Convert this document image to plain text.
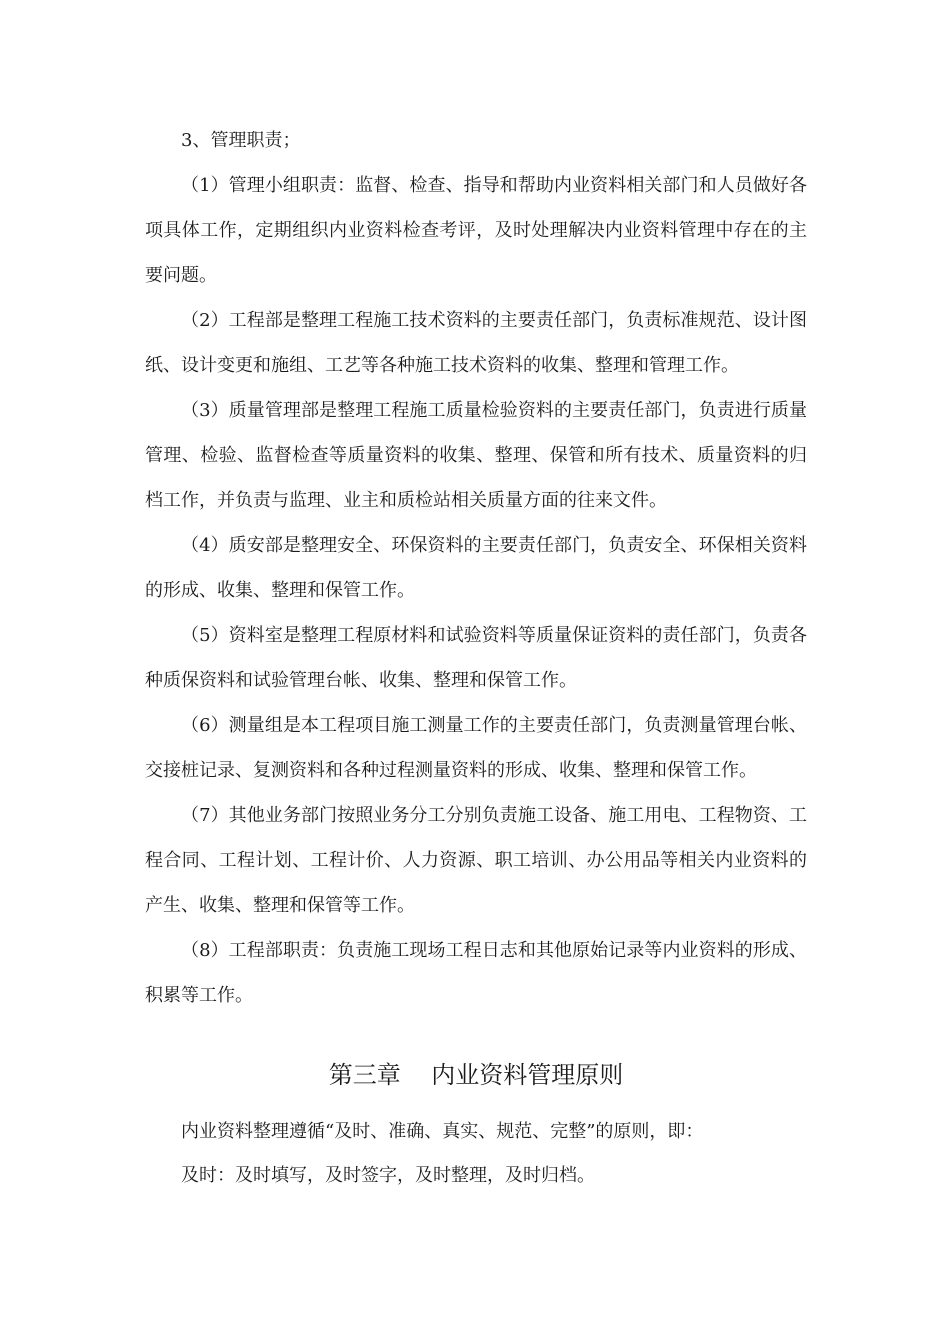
3、管理职责；

（1）管理小组职责：监督、检查、指导和帮助内业资料相关部门和人员做好各项具体工作，定期组织内业资料检查考评，及时处理解决内业资料管理中存在的主要问题。

（2）工程部是整理工程施工技术资料的主要责任部门，负责标准规范、设计图纸、设计变更和施组、工艺等各种施工技术资料的收集、整理和管理工作。

（3）质量管理部是整理工程施工质量检验资料的主要责任部门，负责进行质量管理、检验、监督检查等质量资料的收集、整理、保管和所有技术、质量资料的归档工作，并负责与监理、业主和质检站相关质量方面的往来文件。

（4）质安部是整理安全、环保资料的主要责任部门，负责安全、环保相关资料的形成、收集、整理和保管工作。

（5）资料室是整理工程原材料和试验资料等质量保证资料的责任部门，负责各种质保资料和试验管理台帐、收集、整理和保管工作。

（6）测量组是本工程项目施工测量工作的主要责任部门，负责测量管理台帐、交接桩记录、复测资料和各种过程测量资料的形成、收集、整理和保管工作。

（7）其他业务部门按照业务分工分别负责施工设备、施工用电、工程物资、工程合同、工程计划、工程计价、人力资源、职工培训、办公用品等相关内业资料的产生、收集、整理和保管等工作。

（8）工程部职责：负责施工现场工程日志和其他原始记录等内业资料的形成、积累等工作。

第三章    内业资料管理原则

内业资料整理遵循“及时、准确、真实、规范、完整”的原则，即：

及时：及时填写，及时签字，及时整理，及时归档。
